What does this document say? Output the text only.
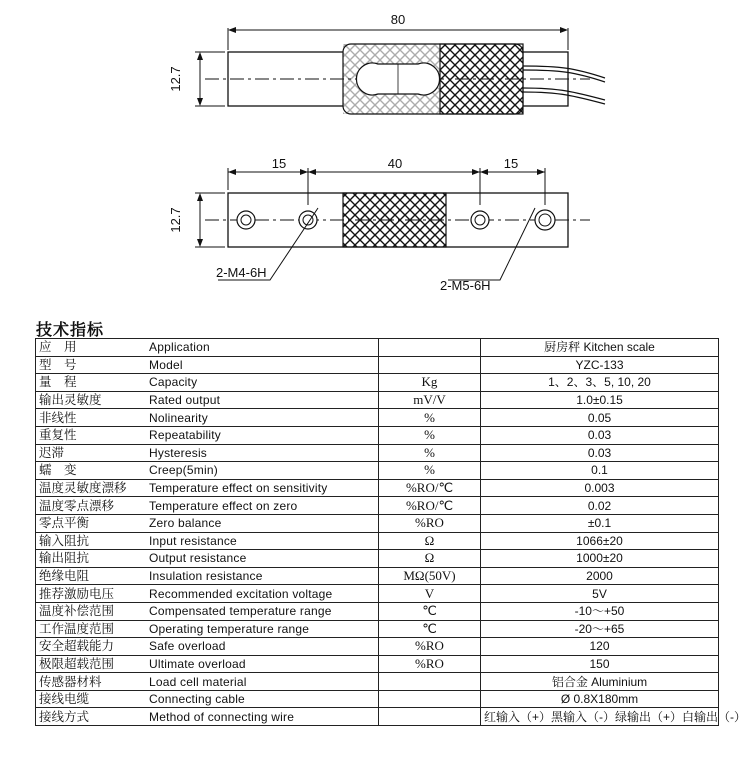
80
12.7
15	40	15
12.7
2-M4-6H
2-M5-6H
技术指标
应　用	Application		厨房秤 Kitchen scale
型　号	Model		YZC-133
量　程	Capacity	Kg	1、2、3、5, 10, 20
输出灵敏度	Rated output	mV/V	1.0±0.15
非线性	Nolinearity	%	0.05
重复性	Repeatability	%	0.03
迟滞	Hysteresis	%	0.03
蠕　变	Creep(5min)	%	0.1
温度灵敏度漂移	Temperature effect on sensitivity	%RO/℃	0.003
温度零点漂移	Temperature effect on zero	%RO/℃	0.02
零点平衡	Zero balance	%RO	±0.1
输入阻抗	Input resistance	Ω	1066±20
输出阻抗	Output resistance	Ω	1000±20
绝缘电阻	Insulation resistance	MΩ(50V)	2000
推荐激励电压	Recommended excitation voltage	V	5V
温度补偿范围	Compensated temperature range	℃	-10～+50
工作温度范围	Operating temperature range	℃	-20～+65
安全超载能力	Safe overload	%RO	120
极限超载范围	Ultimate overload	%RO	150
传感器材料	Load cell material		铝合金 Aluminium
接线电缆	Connecting cable		Ø 0.8X180mm
接线方式	Method of connecting wire		红输入（+）黑输入（-）绿输出（+）白输出（-）
